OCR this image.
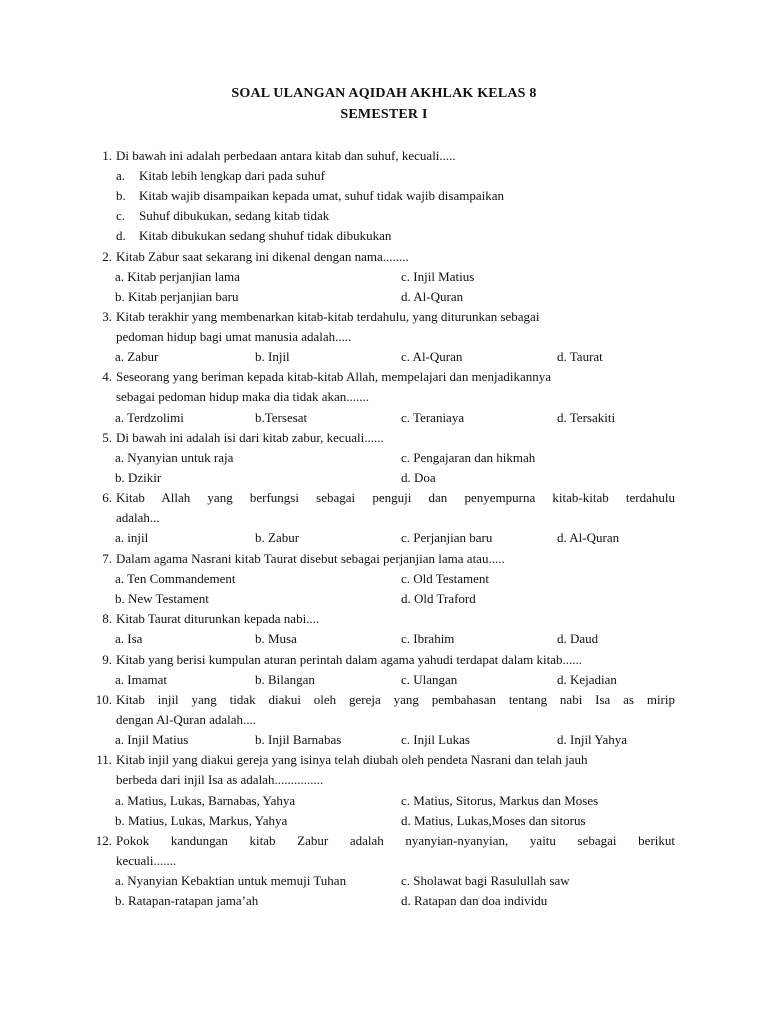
SOAL ULANGAN AQIDAH AKHLAK KELAS 8
SEMESTER I
1. Di bawah ini adalah perbedaan antara kitab dan suhuf, kecuali.....
a.	Kitab lebih lengkap dari pada suhuf
b.	Kitab wajib disampaikan kepada umat, suhuf tidak wajib disampaikan
c.	Suhuf dibukukan, sedang kitab tidak
d.	Kitab dibukukan sedang shuhuf tidak dibukukan
2. Kitab Zabur saat sekarang ini dikenal dengan nama........
a. Kitab perjanjian lama	c. Injil Matius
b. Kitab perjanjian baru	d. Al-Quran
3. Kitab terakhir yang membenarkan kitab-kitab terdahulu, yang diturunkan sebagai
pedoman hidup bagi umat manusia adalah.....
a. Zabur	b. Injil	c. Al-Quran	d. Taurat
4. Seseorang yang beriman kepada kitab-kitab Allah, mempelajari dan menjadikannya
sebagai pedoman hidup maka dia tidak akan.......
a. Terdzolimi	b.Tersesat	c. Teraniaya	d. Tersakiti
5. Di bawah ini adalah isi dari kitab zabur, kecuali......
a. Nyanyian untuk raja	c. Pengajaran dan hikmah
b. Dzikir	d. Doa
6. Kitab Allah yang berfungsi sebagai penguji dan penyempurna kitab-kitab terdahulu
adalah...
a. injil	b. Zabur	c. Perjanjian baru	d. Al-Quran
7. Dalam agama Nasrani kitab Taurat disebut sebagai perjanjian lama atau.....
a. Ten Commandement	c. Old Testament
b. New Testament	d. Old Traford
8. Kitab Taurat diturunkan kepada nabi....
a. Isa	b. Musa	c. Ibrahim	d. Daud
9. Kitab yang berisi kumpulan aturan perintah dalam agama yahudi terdapat dalam kitab......
a. Imamat	b. Bilangan	c. Ulangan	d. Kejadian
10. Kitab injil yang tidak diakui oleh gereja yang pembahasan tentang nabi Isa as mirip
dengan Al-Quran adalah....
a. Injil Matius	b. Injil Barnabas	c. Injil Lukas	d. Injil Yahya
11. Kitab injil yang diakui gereja yang isinya telah diubah oleh pendeta Nasrani dan telah jauh
berbeda dari injil Isa as adalah...............
a. Matius, Lukas, Barnabas, Yahya	c. Matius, Sitorus, Markus dan Moses
b. Matius, Lukas, Markus, Yahya	d. Matius, Lukas,Moses dan sitorus
12. Pokok kandungan kitab Zabur adalah nyanyian-nyanyian, yaitu sebagai berikut
kecuali.......
a. Nyanyian Kebaktian untuk memuji Tuhan	c. Sholawat bagi Rasulullah saw
b. Ratapan-ratapan jama’ah	d. Ratapan dan doa individu
